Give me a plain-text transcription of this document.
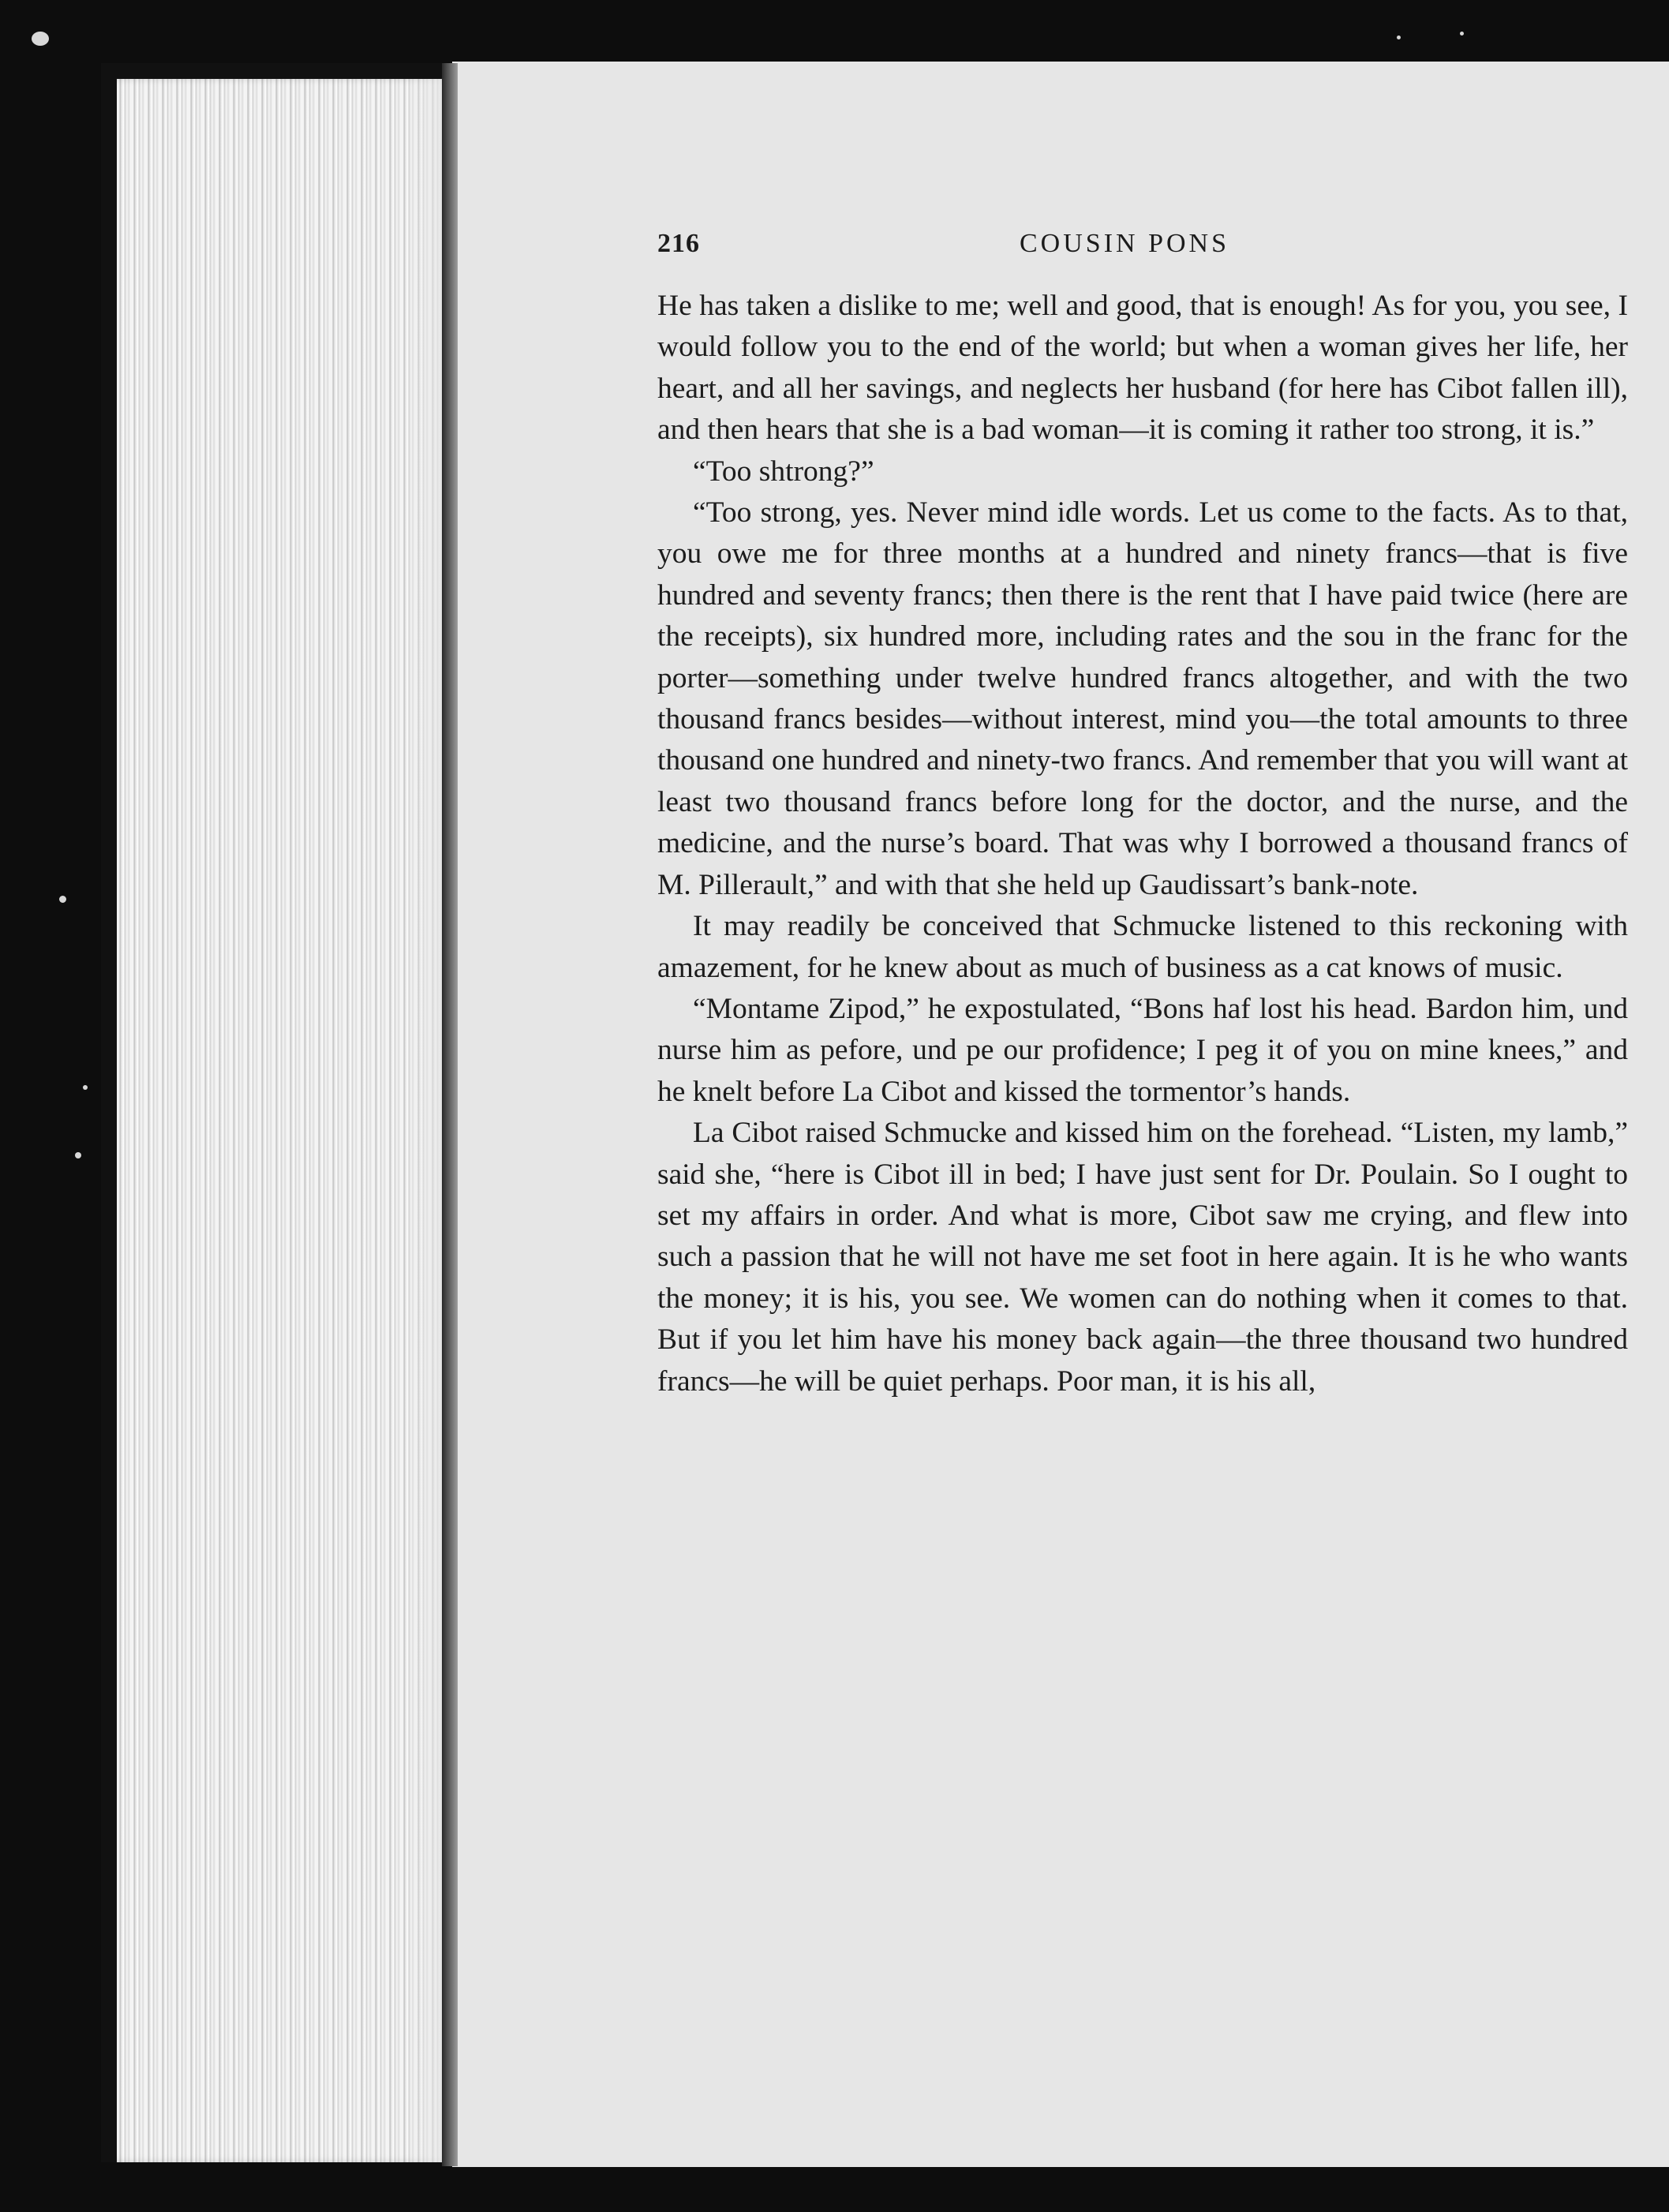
216	COUSIN PONS

He has taken a dislike to me; well and good, that is enough! As for you, you see, I would follow you to the end of the world; but when a woman gives her life, her heart, and all her savings, and neglects her husband (for here has Cibot fallen ill), and then hears that she is a bad woman—it is coming it rather too strong, it is.”

“Too shtrong?”

“Too strong, yes. Never mind idle words. Let us come to the facts. As to that, you owe me for three months at a hundred and ninety francs—that is five hundred and seventy francs; then there is the rent that I have paid twice (here are the receipts), six hundred more, including rates and the sou in the franc for the porter—something under twelve hundred francs altogether, and with the two thousand francs besides—without interest, mind you—the total amounts to three thousand one hundred and ninety-two francs. And remember that you will want at least two thousand francs before long for the doctor, and the nurse, and the medicine, and the nurse’s board. That was why I borrowed a thousand francs of M. Pillerault,” and with that she held up Gaudissart’s bank-note.

It may readily be conceived that Schmucke listened to this reckoning with amazement, for he knew about as much of business as a cat knows of music.

“Montame Zipod,” he expostulated, “Bons haf lost his head. Bardon him, und nurse him as pefore, und pe our profidence; I peg it of you on mine knees,” and he knelt before La Cibot and kissed the tormentor’s hands.

La Cibot raised Schmucke and kissed him on the forehead. “Listen, my lamb,” said she, “here is Cibot ill in bed; I have just sent for Dr. Poulain. So I ought to set my affairs in order. And what is more, Cibot saw me crying, and flew into such a passion that he will not have me set foot in here again. It is he who wants the money; it is his, you see. We women can do nothing when it comes to that. But if you let him have his money back again—the three thousand two hundred francs—he will be quiet perhaps. Poor man, it is his all,
